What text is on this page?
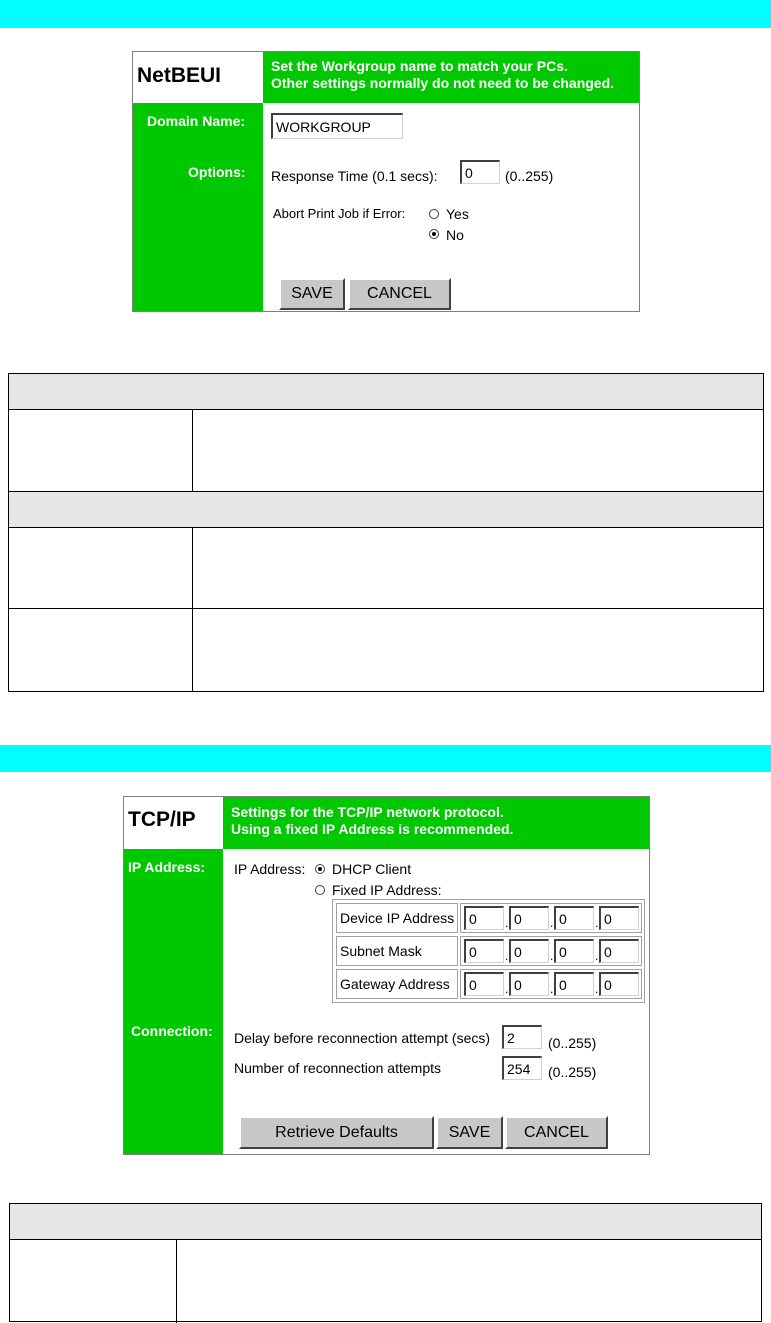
NetBEUI	Set the Workgroup name to match your PCs.
Other settings normally do not need to be changed.
Domain Name:
WORKGROUP
Options: Response Time (0.1 secs):
0	(0..255)
Abort Print Job if Error:	Yes
No
SAVE	CANCEL
TCP/IP	Settings for the TCP/IP network protocol.
Using a fixed IP Address is recommended.
IP Address: IP Address: DHCP Client
Fixed IP Address:
Device IP Address
0	.
0	.
0	.
0
Subnet Mask
0	.
0	.
0	.
0
Gateway Address
0	.
0	.
0	.
0
Connection: Delay before reconnection attempt (secs)
2	(0..255)
Number of reconnection attempts
254	(0..255)
Retrieve Defaults	SAVE	CANCEL
